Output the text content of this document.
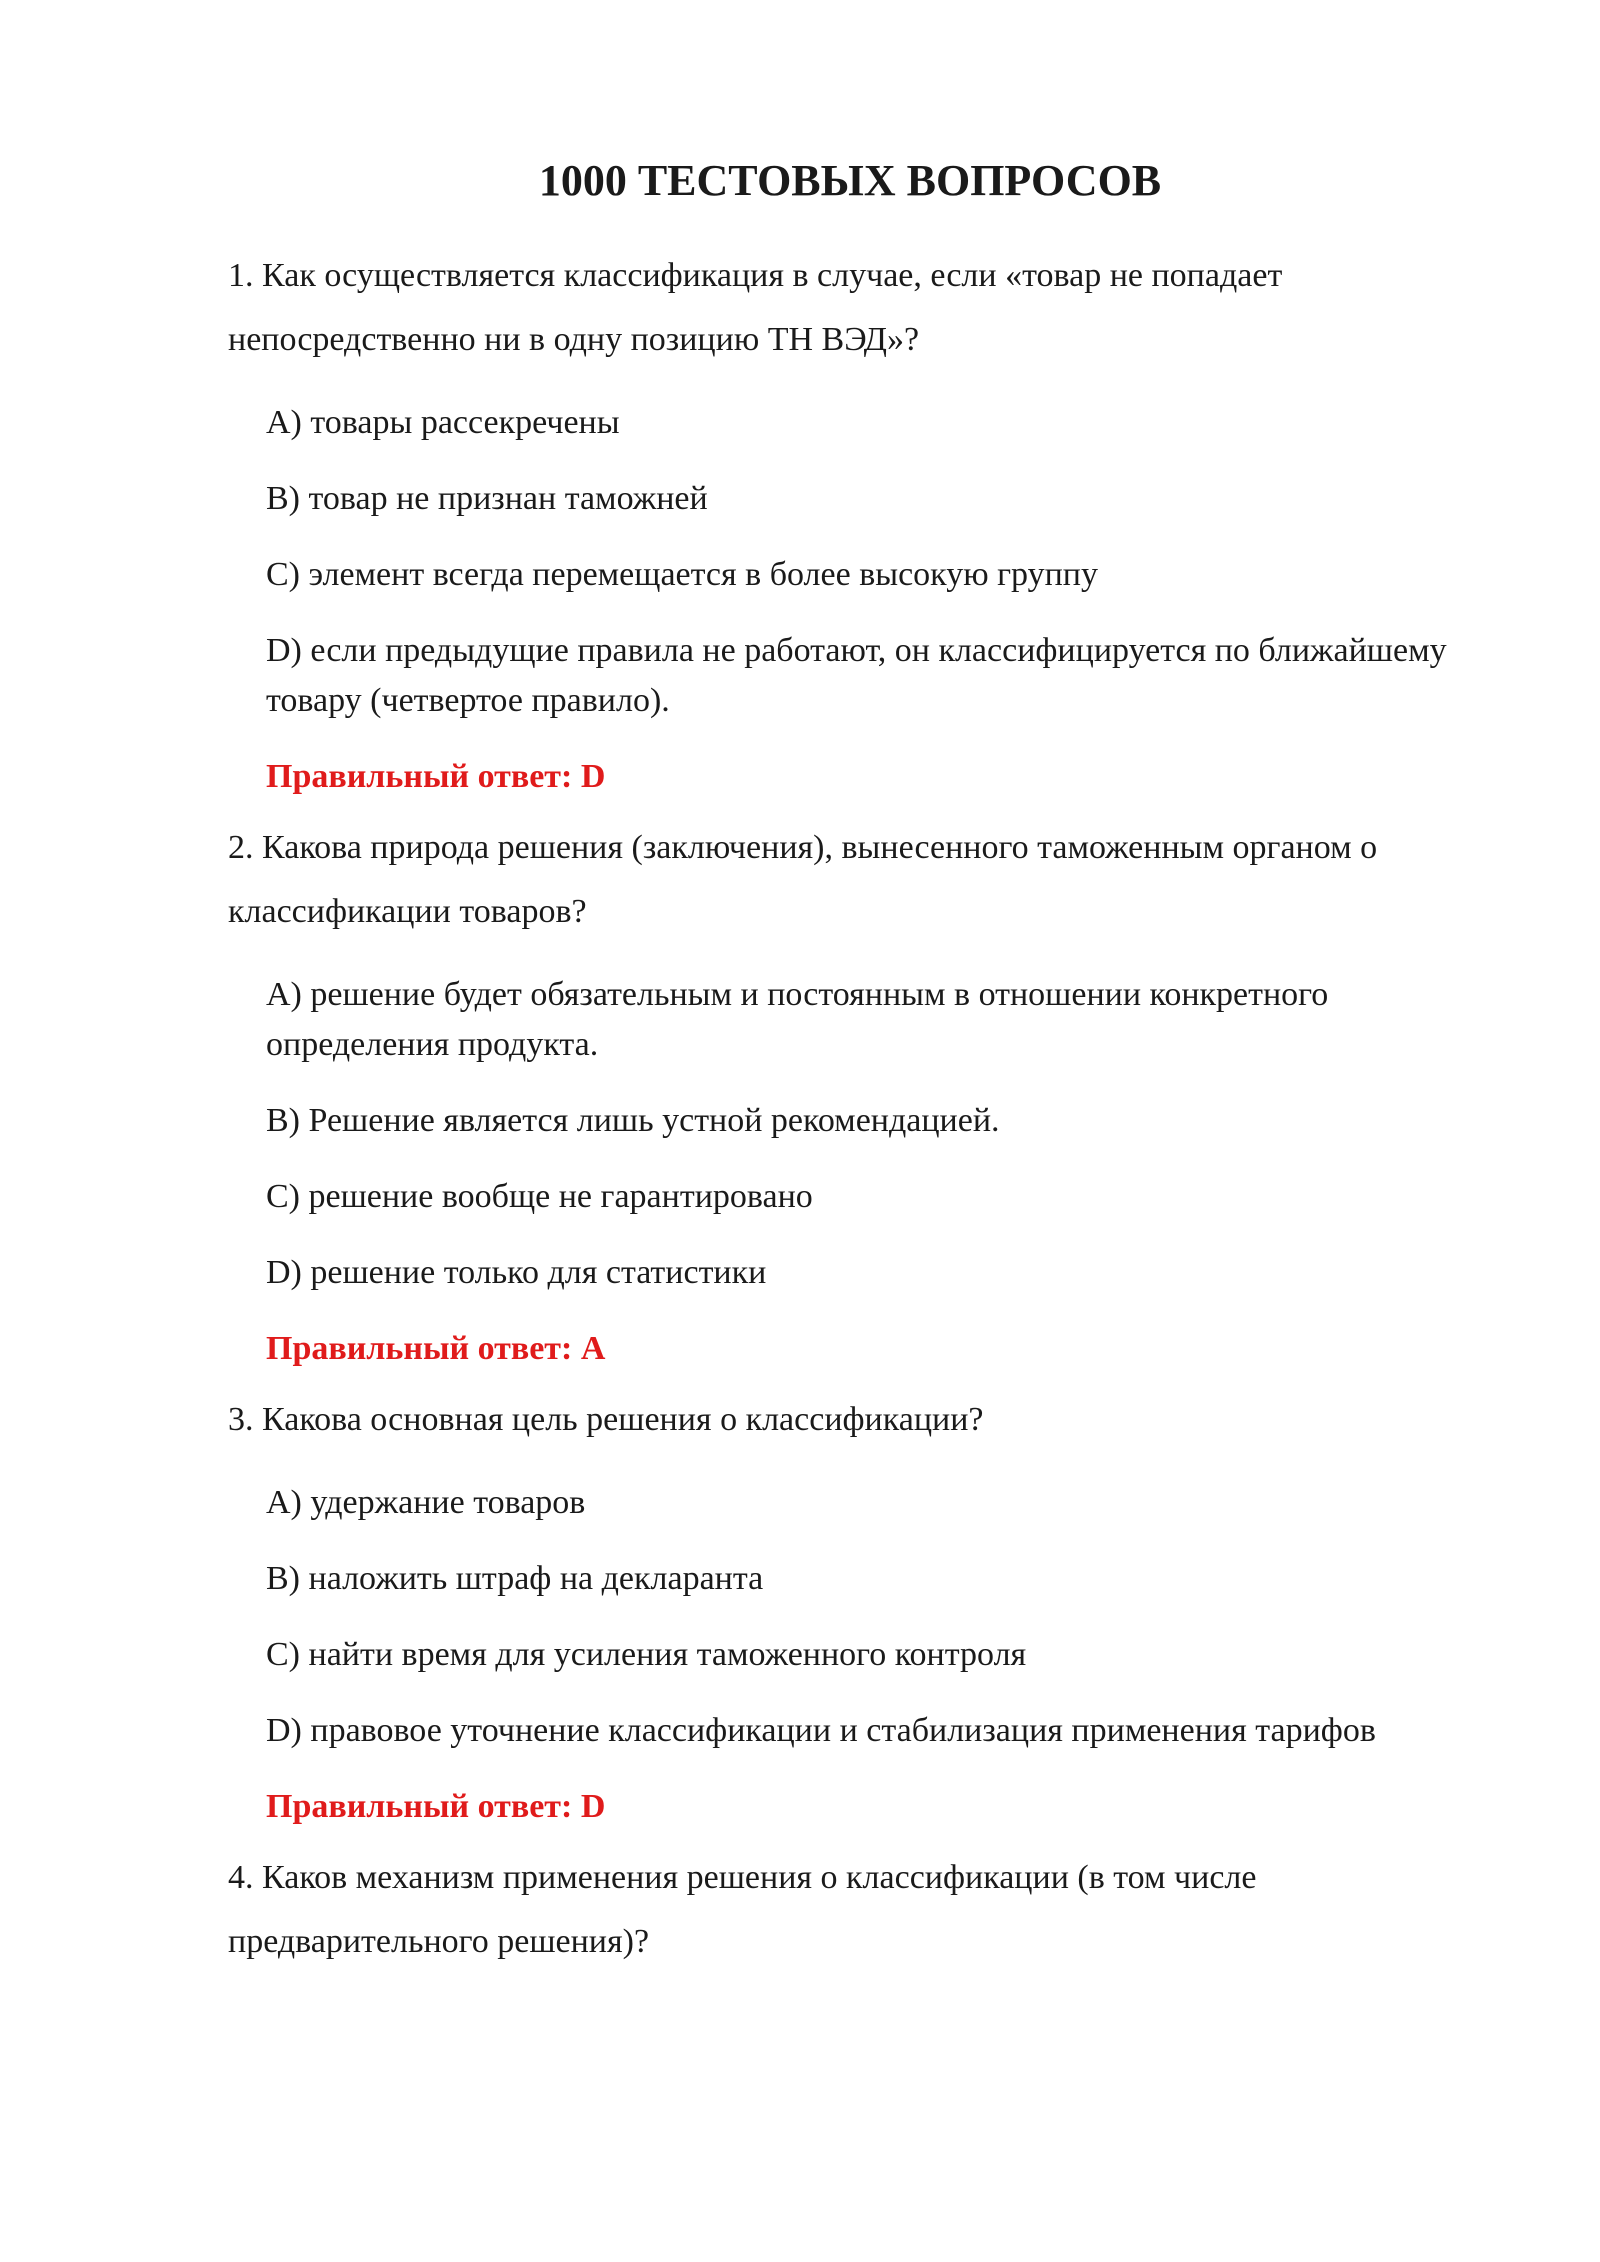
1000 ТЕСТОВЫХ ВОПРОСОВ

1. Как осуществляется классификация в случае, если «товар не попадает непосредственно ни в одну позицию ТН ВЭД»?

A) товары рассекречены
B) товар не признан таможней
C) элемент всегда перемещается в более высокую группу
D) если предыдущие правила не работают, он классифицируется по ближайшему товару (четвертое правило).

Правильный ответ: D

2. Какова природа решения (заключения), вынесенного таможенным органом о классификации товаров?

A) решение будет обязательным и постоянным в отношении конкретного определения продукта.
B) Решение является лишь устной рекомендацией.
C) решение вообще не гарантировано
D) решение только для статистики

Правильный ответ: A

3. Какова основная цель решения о классификации?

A) удержание товаров
B) наложить штраф на декларанта
C) найти время для усиления таможенного контроля
D) правовое уточнение классификации и стабилизация применения тарифов

Правильный ответ: D

4. Каков механизм применения решения о классификации (в том числе предварительного решения)?
